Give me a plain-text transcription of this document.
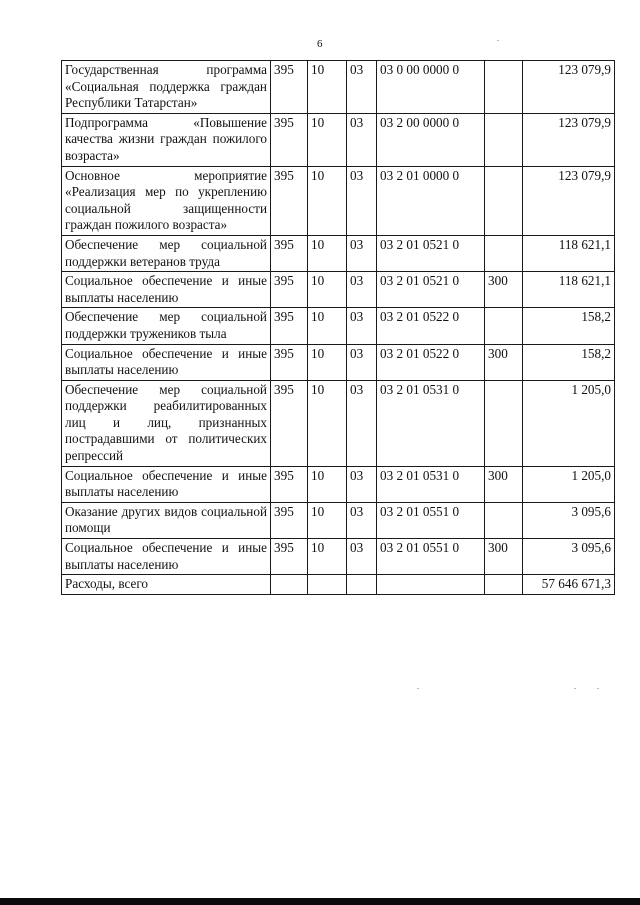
6
Государственная программа «Социальная поддержка граждан Республики Татарстан»	395	10	03	03 0 00 0000 0		123 079,9
Подпрограмма «Повышение качества жизни граждан пожилого возраста»	395	10	03	03 2 00 0000 0		123 079,9
Основное мероприятие «Реализация мер по укреплению социальной защищенности граждан пожилого возраста»	395	10	03	03 2 01 0000 0		123 079,9
Обеспечение мер социальной поддержки ветеранов труда	395	10	03	03 2 01 0521 0		118 621,1
Социальное обеспечение и иные выплаты населению	395	10	03	03 2 01 0521 0	300	118 621,1
Обеспечение мер социальной поддержки тружеников тыла	395	10	03	03 2 01 0522 0		158,2
Социальное обеспечение и иные выплаты населению	395	10	03	03 2 01 0522 0	300	158,2
Обеспечение мер социальной поддержки реабилитированных лиц и лиц, признанных пострадавшими от политических репрессий	395	10	03	03 2 01 0531 0		1 205,0
Социальное обеспечение и иные выплаты населению	395	10	03	03 2 01 0531 0	300	1 205,0
Оказание других видов социальной помощи	395	10	03	03 2 01 0551 0		3 095,6
Социальное обеспечение и иные выплаты населению	395	10	03	03 2 01 0551 0	300	3 095,6
Расходы, всего						57 646 671,3
